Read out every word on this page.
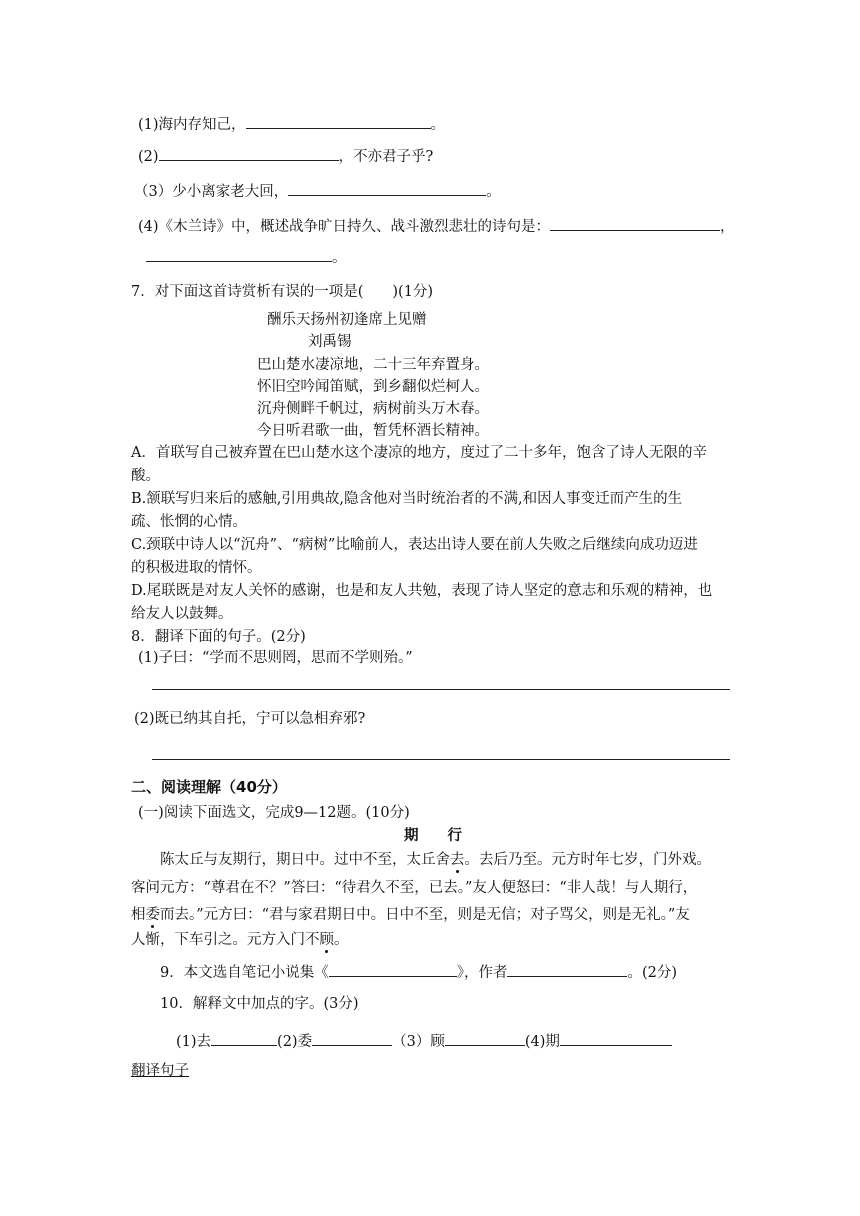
(1)海内存知己，	。
(2)	，不亦君子乎?
（3）少小离家老大回，	。
(4)《木兰诗》中，概述战争旷日持久、战斗激烈悲壮的诗句是：	，
。
7．对下面这首诗赏析有误的一项是(　　)(1分)
酬乐天扬州初逢席上见赠
刘禹锡
巴山楚水凄凉地，二十三年弃置身。
怀旧空吟闻笛赋，到乡翻似烂柯人。
沉舟侧畔千帆过，病树前头万木春。
今日听君歌一曲，暂凭杯酒长精神。
A．首联写自己被弃置在巴山楚水这个凄凉的地方，度过了二十多年，饱含了诗人无限的辛
酸。
B.颔联写归来后的感触,引用典故,隐含他对当时统治者的不满,和因人事变迁而产生的生
疏、怅惘的心情。
C.颈联中诗人以“沉舟”、“病树”比喻前人，表达出诗人要在前人失败之后继续向成功迈进
的积极进取的情怀。
D.尾联既是对友人关怀的感谢，也是和友人共勉，表现了诗人坚定的意志和乐观的精神，也
给友人以鼓舞。
8．翻译下面的句子。(2分)
(1)子曰：“学而不思则罔，思而不学则殆。”
(2)既已纳其自托，宁可以急相弃邪?
二、阅读理解（40分）
(一)阅读下面选文，完成9—12题。(10分)
期　　行
陈太丘与友期行，期日中。过中不至，太丘舍去。去后乃至。元方时年七岁，门外戏。
客问元方：“尊君在不？”答曰：“待君久不至，已去。”友人便怒曰：“非人哉！与人期行，
相委而去。”元方曰：“君与家君期日中。日中不至，则是无信；对子骂父，则是无礼。”友
人惭，下车引之。元方入门不顾。
9．本文选自笔记小说集《	》，作者	。(2分)
10．解释文中加点的字。(3分)
(1)去	(2)委	（3）顾	(4)期
翻译句子
